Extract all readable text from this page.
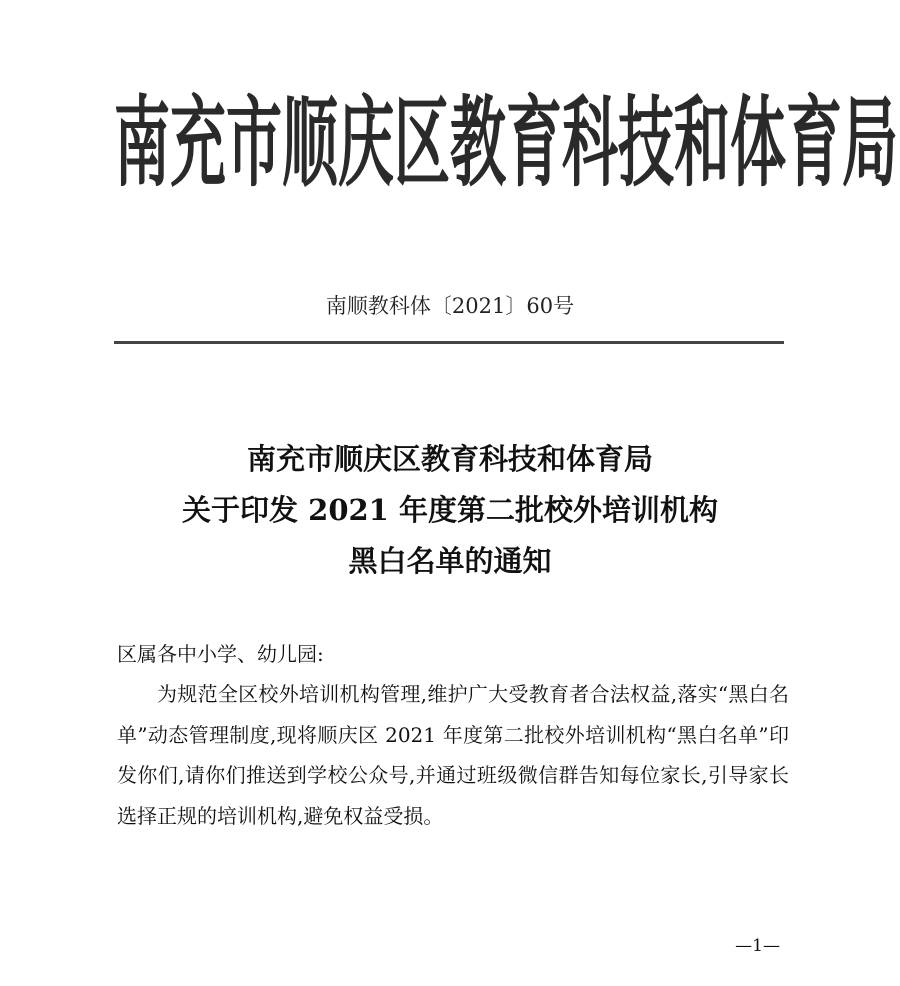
南 充 市 顺 庆 区 教 育 科 技 和 体 育 局
南顺教科体〔2021〕60号
南充市顺庆区教育科技和体育局
关于印发 2021 年度第二批校外培训机构
黑白名单的通知
区属各中小学、幼儿园:

为规范全区校外培训机构管理,维护广大受教育者合法权益,落实“黑白名单”动态管理制度,现将顺庆区 2021 年度第二批校外培训机构“黑白名单”印发你们,请你们推送到学校公众号,并通过班级微信群告知每位家长,引导家长选择正规的培训机构,避免权益受损。

—1—
